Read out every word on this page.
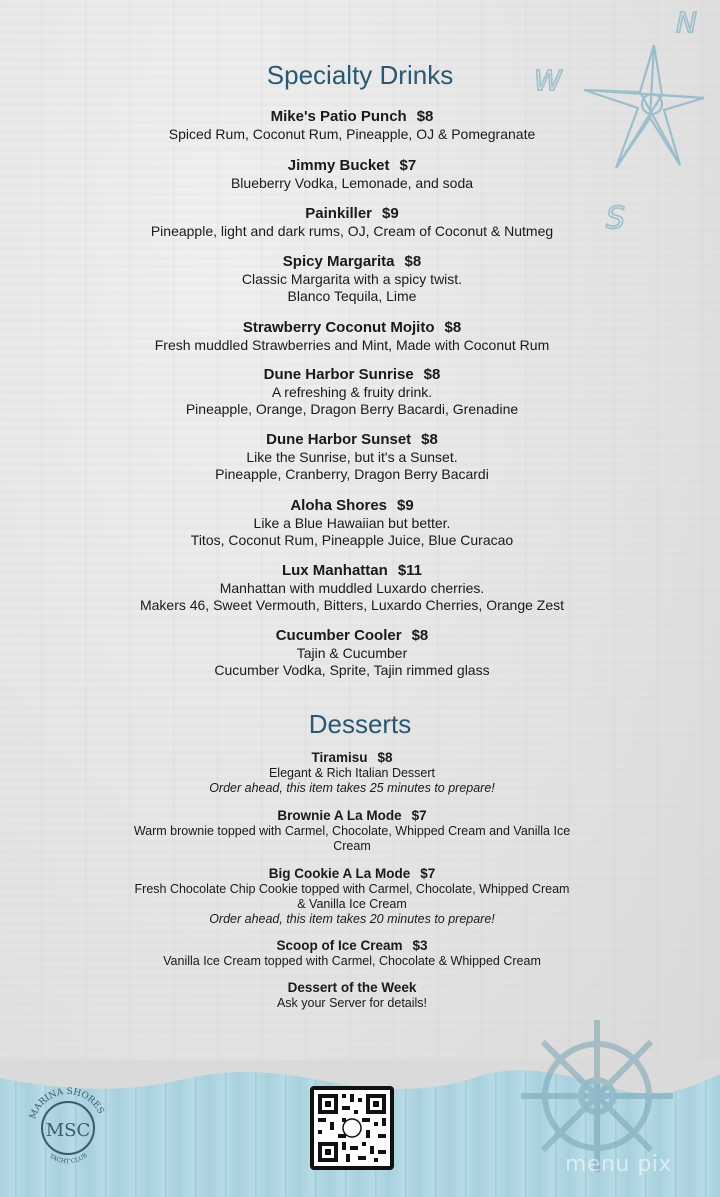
N
W
S
Specialty Drinks
Mike's Patio Punch $8
Spiced Rum, Coconut Rum, Pineapple, OJ & Pomegranate
Jimmy Bucket $7
Blueberry Vodka, Lemonade, and soda
Painkiller $9
Pineapple, light and dark rums, OJ, Cream of Coconut & Nutmeg
Spicy Margarita $8
Classic Margarita with a spicy twist.
Blanco Tequila, Lime
Strawberry Coconut Mojito $8
Fresh muddled Strawberries and Mint, Made with Coconut Rum
Dune Harbor Sunrise $8
A refreshing & fruity drink.
Pineapple, Orange, Dragon Berry Bacardi, Grenadine
Dune Harbor Sunset $8
Like the Sunrise, but it's a Sunset.
Pineapple, Cranberry, Dragon Berry Bacardi
Aloha Shores $9
Like a Blue Hawaiian but better.
Titos, Coconut Rum, Pineapple Juice, Blue Curacao
Lux Manhattan $11
Manhattan with muddled Luxardo cherries.
Makers 46, Sweet Vermouth, Bitters, Luxardo Cherries, Orange Zest
Cucumber Cooler $8
Tajin & Cucumber
Cucumber Vodka, Sprite, Tajin rimmed glass
Desserts
Tiramisu $8
Elegant & Rich Italian Dessert
Order ahead, this item takes 25 minutes to prepare!
Brownie A La Mode $7
Warm brownie topped with Carmel, Chocolate, Whipped Cream and Vanilla Ice Cream
Big Cookie A La Mode $7
Fresh Chocolate Chip Cookie topped with Carmel, Chocolate, Whipped Cream & Vanilla Ice Cream
Order ahead, this item takes 20 minutes to prepare!
Scoop of Ice Cream $3
Vanilla Ice Cream topped with Carmel, Chocolate & Whipped Cream
Dessert of the Week
Ask your Server for details!
MARINA SHORES
YACHT CLUB
MSC
menu pix
